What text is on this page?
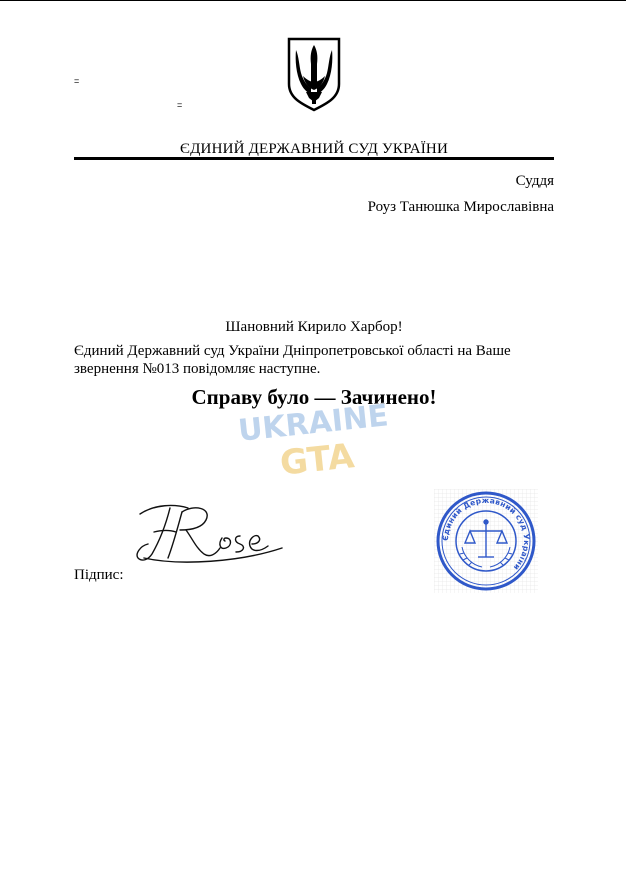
=
=
ЄДИНИЙ ДЕРЖАВНИЙ СУД УКРАЇНИ
Суддя
Роуз Танюшка Мирославівна
Шановний Кирило Харбор!
Єдиний Державний суд України Дніпропетровської області на Ваше звернення №013 повідомляє наступне.
Справу було — Зачинено!
UKRAINE
GTA
Підпис:
Єдиний Державний суд України
